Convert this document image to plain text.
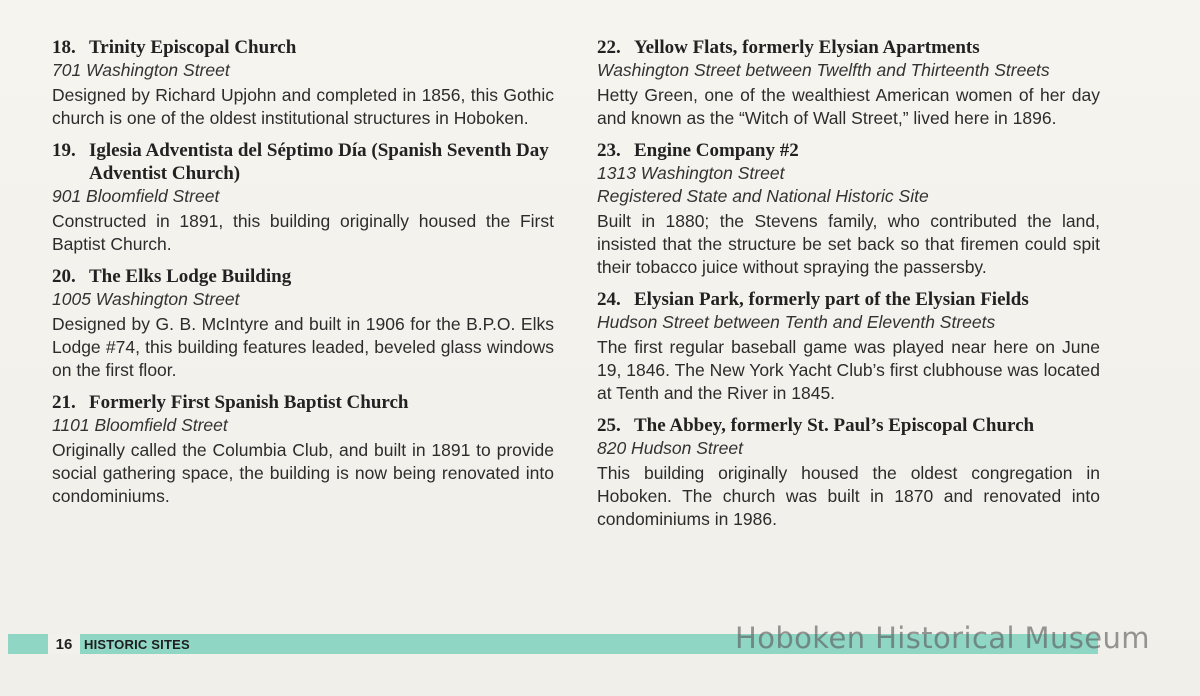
18. Trinity Episcopal Church
701 Washington Street
Designed by Richard Upjohn and completed in 1856, this Gothic church is one of the oldest institutional structures in Hoboken.
19. Iglesia Adventista del Séptimo Día (Spanish Seventh Day Adventist Church)
901 Bloomfield Street
Constructed in 1891, this building originally housed the First Baptist Church.
20. The Elks Lodge Building
1005 Washington Street
Designed by G. B. McIntyre and built in 1906 for the B.P.O. Elks Lodge #74, this building features leaded, beveled glass windows on the first floor.
21. Formerly First Spanish Baptist Church
1101 Bloomfield Street
Originally called the Columbia Club, and built in 1891 to provide social gathering space, the building is now being renovated into condominiums.
22. Yellow Flats, formerly Elysian Apartments
Washington Street between Twelfth and Thirteenth Streets
Hetty Green, one of the wealthiest American women of her day and known as the “Witch of Wall Street,” lived here in 1896.
23. Engine Company #2
1313 Washington Street
Registered State and National Historic Site
Built in 1880; the Stevens family, who contributed the land, insisted that the structure be set back so that firemen could spit their tobacco juice without spraying the passersby.
24. Elysian Park, formerly part of the Elysian Fields
Hudson Street between Tenth and Eleventh Streets
The first regular baseball game was played near here on June 19, 1846. The New York Yacht Club’s first clubhouse was located at Tenth and the River in 1845.
25. The Abbey, formerly St. Paul’s Episcopal Church
820 Hudson Street
This building originally housed the oldest congregation in Hoboken. The church was built in 1870 and renovated into condominiums in 1986.
16 HISTORIC SITES	Hoboken Historical Museum
